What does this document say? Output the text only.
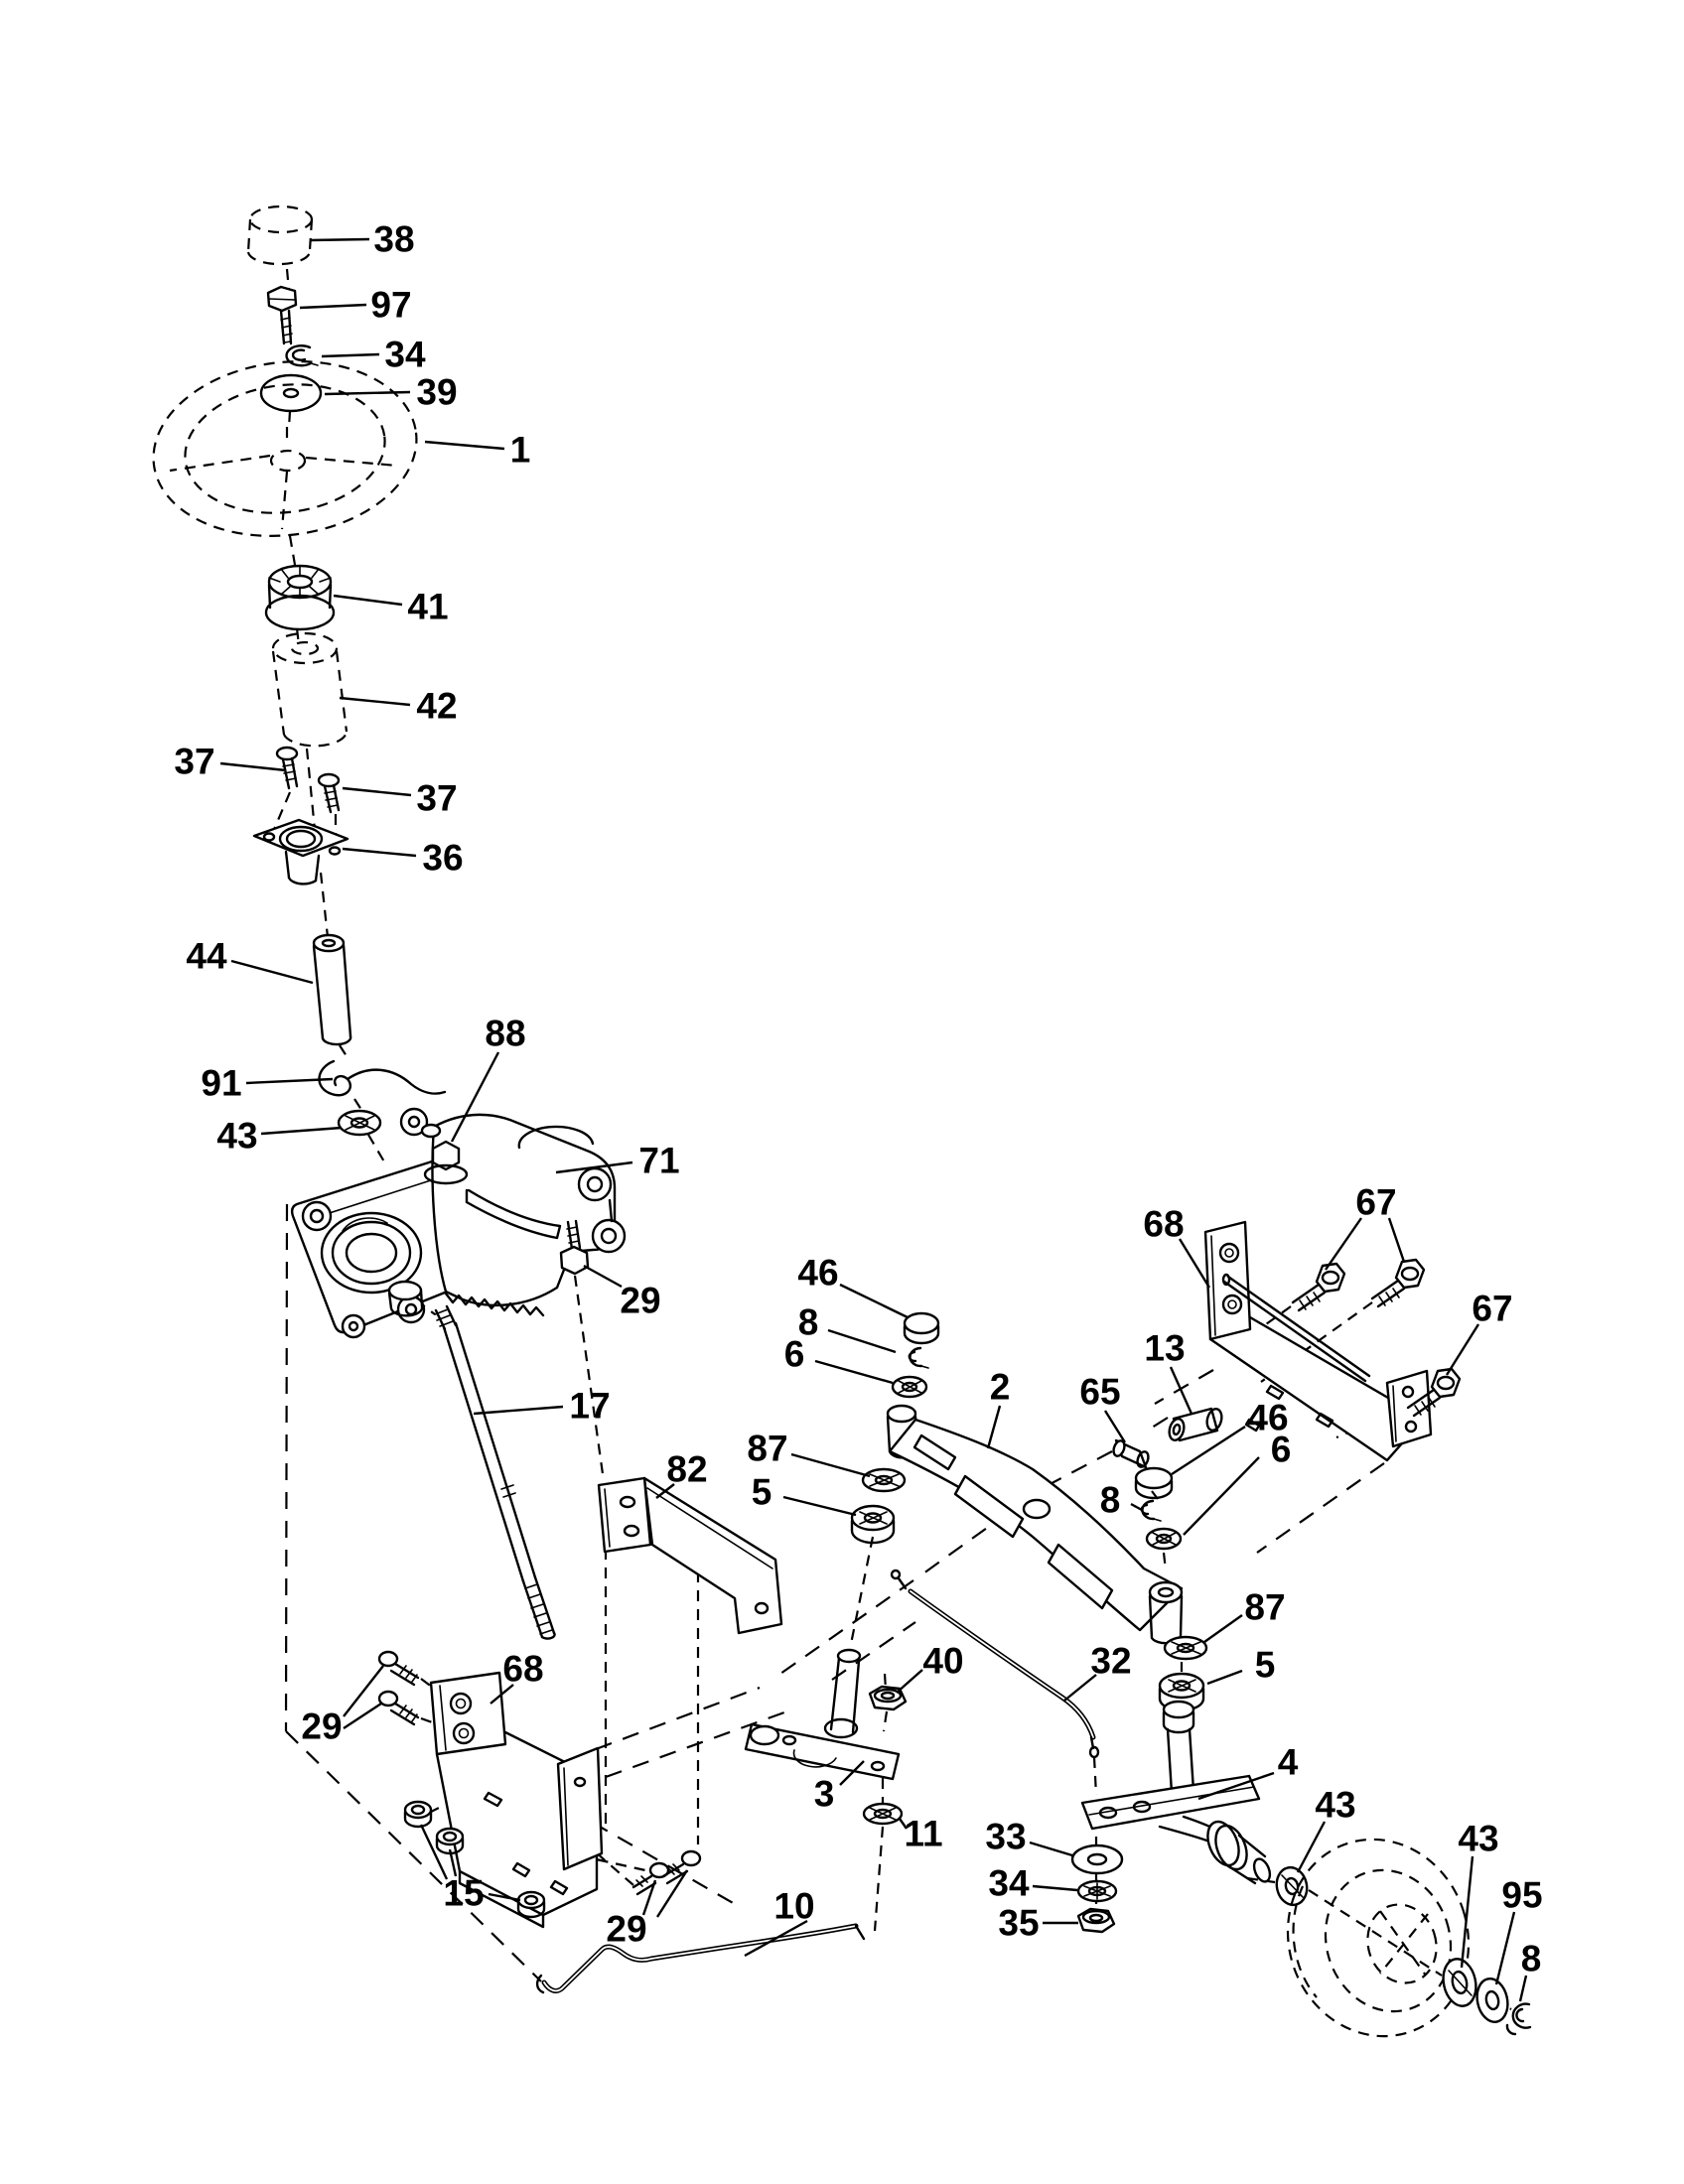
38
97
34
39
1
41
42
37
37
36
44
91
43
88
71
29
17
46
8
6
2 65
13
46
6
8
68
67
67
82
87
5
87
5
40	32
4
43
3
11 33
34
35
68
29
15
29
10
43
95
8
